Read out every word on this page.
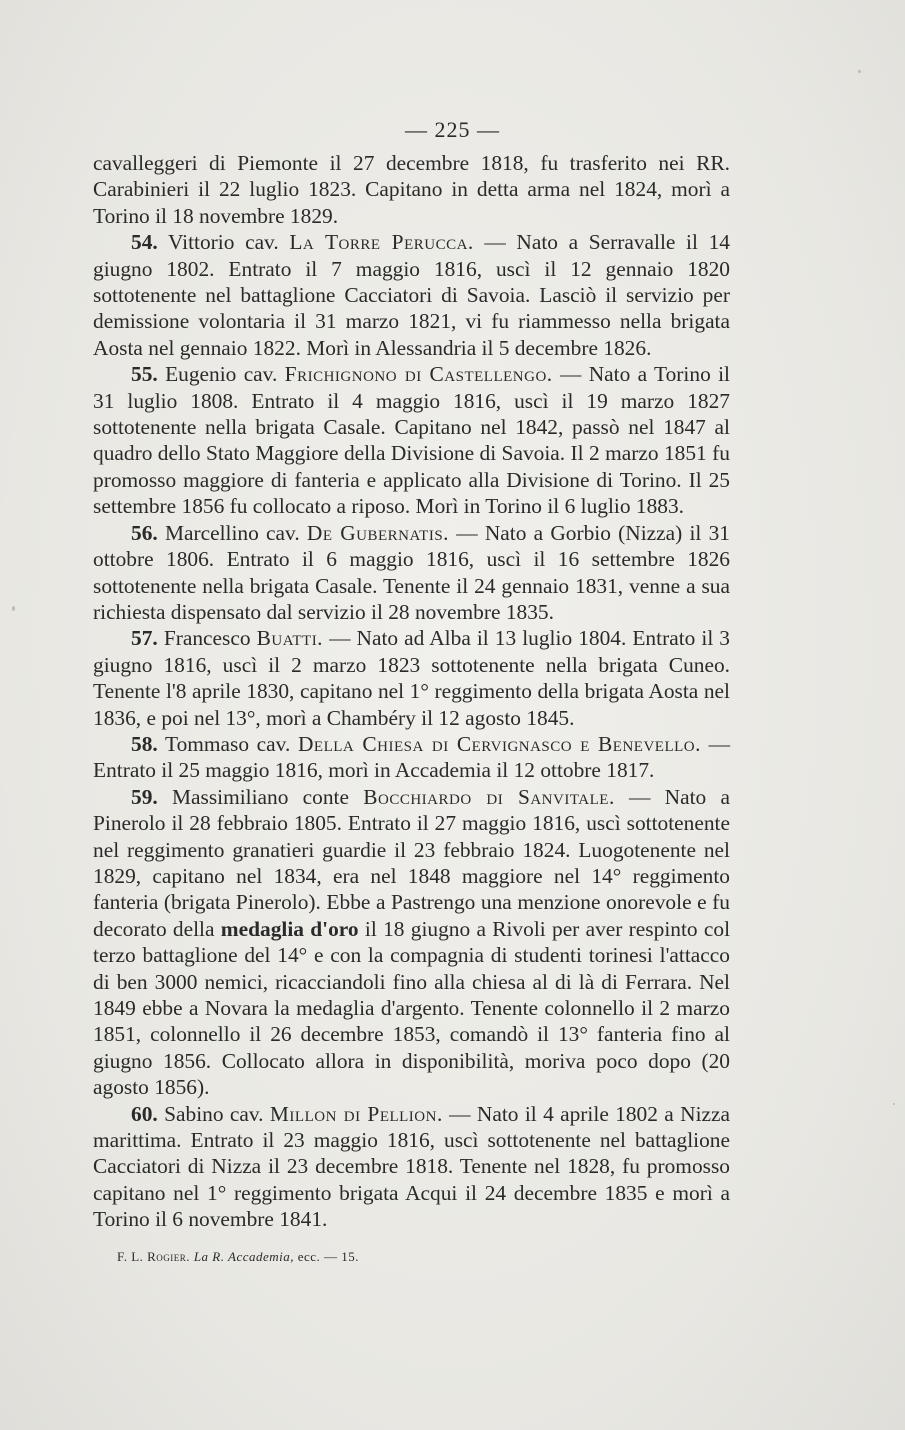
— 225 —

cavalleggeri di Piemonte il 27 decembre 1818, fu trasferito nei RR. Carabinieri il 22 luglio 1823. Capitano in detta arma nel 1824, morì a Torino il 18 novembre 1829.

54. Vittorio cav. La Torre Perucca. — Nato a Serravalle il 14 giugno 1802. Entrato il 7 maggio 1816, uscì il 12 gennaio 1820 sottotenente nel battaglione Cacciatori di Savoia. Lasciò il servizio per demissione volontaria il 31 marzo 1821, vi fu riammesso nella brigata Aosta nel gennaio 1822. Morì in Alessandria il 5 decembre 1826.

55. Eugenio cav. Frichignono di Castellengo. — Nato a Torino il 31 luglio 1808. Entrato il 4 maggio 1816, uscì il 19 marzo 1827 sottotenente nella brigata Casale. Capitano nel 1842, passò nel 1847 al quadro dello Stato Maggiore della Divisione di Savoia. Il 2 marzo 1851 fu promosso maggiore di fanteria e applicato alla Divisione di Torino. Il 25 settembre 1856 fu collocato a riposo. Morì in Torino il 6 luglio 1883.

56. Marcellino cav. De Gubernatis. — Nato a Gorbio (Nizza) il 31 ottobre 1806. Entrato il 6 maggio 1816, uscì il 16 settembre 1826 sottotenente nella brigata Casale. Tenente il 24 gennaio 1831, venne a sua richiesta dispensato dal servizio il 28 novembre 1835.

57. Francesco Buatti. — Nato ad Alba il 13 luglio 1804. Entrato il 3 giugno 1816, uscì il 2 marzo 1823 sottotenente nella brigata Cuneo. Tenente l'8 aprile 1830, capitano nel 1° reggimento della brigata Aosta nel 1836, e poi nel 13°, morì a Chambéry il 12 agosto 1845.

58. Tommaso cav. Della Chiesa di Cervignasco e Benevello. — Entrato il 25 maggio 1816, morì in Accademia il 12 ottobre 1817.

59. Massimiliano conte Bocchiardo di Sanvitale. — Nato a Pinerolo il 28 febbraio 1805. Entrato il 27 maggio 1816, uscì sottotenente nel reggimento granatieri guardie il 23 febbraio 1824. Luogotenente nel 1829, capitano nel 1834, era nel 1848 maggiore nel 14° reggimento fanteria (brigata Pinerolo). Ebbe a Pastrengo una menzione onorevole e fu decorato della medaglia d'oro il 18 giugno a Rivoli per aver respinto col terzo battaglione del 14° e con la compagnia di studenti torinesi l'attacco di ben 3000 nemici, ricacciandoli fino alla chiesa al di là di Ferrara. Nel 1849 ebbe a Novara la medaglia d'argento. Tenente colonnello il 2 marzo 1851, colonnello il 26 decembre 1853, comandò il 13° fanteria fino al giugno 1856. Collocato allora in disponibilità, moriva poco dopo (20 agosto 1856).

60. Sabino cav. Millon di Pellion. — Nato il 4 aprile 1802 a Nizza marittima. Entrato il 23 maggio 1816, uscì sottotenente nel battaglione Cacciatori di Nizza il 23 decembre 1818. Tenente nel 1828, fu promosso capitano nel 1° reggimento brigata Acqui il 24 decembre 1835 e morì a Torino il 6 novembre 1841.

F. L. Rogier. La R. Accademia, ecc. — 15.
